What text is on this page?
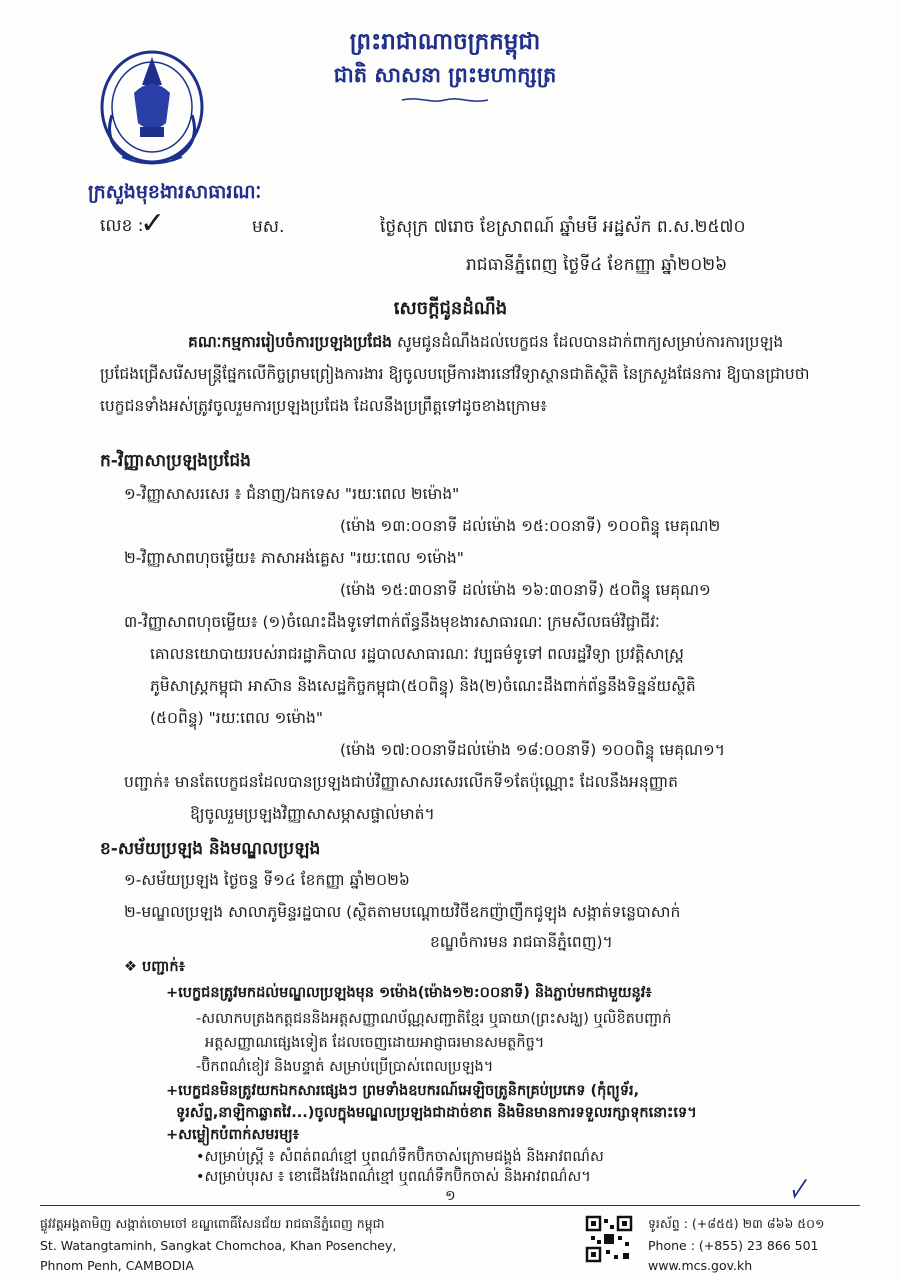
ព្រះរាជាណាចក្រកម្ពុជា
ជាតិ សាសនា ព្រះមហាក្សត្រ
ក្រសួងមុខងារសាធារណៈ
លេខ :
✓	មស.	ថ្ងៃសុក្រ ៧រោច ខែស្រាពណ៍ ឆ្នាំមមី អដ្ឋស័ក ព.ស.២៥៧០
រាជធានីភ្នំពេញ ថ្ងៃទី៤ ខែកញ្ញា ឆ្នាំ២០២៦
សេចក្តីជូនដំណឹង
គណៈកម្មការរៀបចំការប្រឡងប្រជែង សូមជូនដំណឹងដល់បេក្ខជន ដែលបានដាក់ពាក្យសម្រាប់ការការប្រឡងប្រជែងជ្រើសរើសមន្ត្រីផ្នែកលើកិច្ចព្រមព្រៀងការងារ ឱ្យចូលបម្រើការងារនៅវិទ្យាស្ថានជាតិស្ថិតិ នៃក្រសួងផែនការ ឱ្យបានជ្រាបថា បេក្ខជនទាំងអស់ត្រូវចូលរួមការប្រឡងប្រជែង ដែលនឹងប្រព្រឹត្តទៅដូចខាងក្រោម៖
ក-វិញ្ញាសាប្រឡងប្រជែង
១-វិញ្ញាសាសរសេរ ៖ ជំនាញ/ឯកទេស "រយៈពេល ២ម៉ោង"
(ម៉ោង ១៣:០០នាទី ដល់ម៉ោង ១៥:០០នាទី) ១០០ពិន្ទុ មេគុណ២
២-វិញ្ញាសាពហុចម្លើយ៖ ភាសាអង់គ្លេស "រយៈពេល ១ម៉ោង"
(ម៉ោង ១៥:៣០នាទី ដល់ម៉ោង ១៦:៣០នាទី) ៥០ពិន្ទុ មេគុណ១
៣-វិញ្ញាសាពហុចម្លើយ៖ (១)ចំណេះដឹងទូទៅពាក់ព័ន្ធនឹងមុខងារសាធារណៈ ក្រមសីលធម៌វិជ្ជាជីវៈ
គោលនយោបាយរបស់រាជរដ្ឋាភិបាល រដ្ឋបាលសាធារណៈ វប្បធម៌ទូទៅ ពលរដ្ឋវិទ្យា ប្រវត្តិសាស្ត្រ
ភូមិសាស្ត្រកម្ពុជា អាស៊ាន និងសេដ្ឋកិច្ចកម្ពុជា(៥០ពិន្ទុ) និង(២)ចំណេះដឹងពាក់ព័ន្ធនឹងទិន្នន័យស្ថិតិ
(៥០ពិន្ទុ) "រយៈពេល ១ម៉ោង"
(ម៉ោង ១៧:០០នាទីដល់ម៉ោង ១៨:០០នាទី) ១០០ពិន្ទុ មេគុណ១។
បញ្ជាក់៖ មានតែបេក្ខជនដែលបានប្រឡងជាប់វិញ្ញាសាសរសេរលើកទី១តែប៉ុណ្ណោះ ដែលនឹងអនុញ្ញាត
ឱ្យចូលរួមប្រឡងវិញ្ញាសាសម្ភាសផ្ទាល់មាត់។
ខ-សម័យប្រឡង និងមណ្ឌលប្រឡង
១-សម័យប្រឡង ថ្ងៃចន្ទ ទី១៤ ខែកញ្ញា ឆ្នាំ២០២៦
២-មណ្ឌលប្រឡង សាលាភូមិន្ទរដ្ឋបាល (ស្ថិតតាមបណ្តោយវិថីឧកញ៉ាញឹកជូឡុង សង្កាត់ទន្លេបាសាក់
ខណ្ឌចំការមន រាជធានីភ្នំពេញ)។
❖ បញ្ជាក់៖
+បេក្ខជនត្រូវមកដល់មណ្ឌលប្រឡងមុន ១ម៉ោង(ម៉ោង១២:០០នាទី) និងភ្ជាប់មកជាមួយនូវ៖
-សលាកបត្រងកត្តជននិងអត្តសញ្ញាណប័ណ្ណសញ្ជាតិខ្មែរ ឬធាយា(ព្រះសង្ឃ) ឬលិខិតបញ្ជាក់
អត្តសញ្ញាណផ្សេងទៀត ដែលចេញដោយអាជ្ញាធរមានសមត្ថកិច្ច។
-ប៊ិកពណ៌ខៀវ និងបន្ទាត់ សម្រាប់ប្រើប្រាស់ពេលប្រឡង។
+បេក្ខជនមិនត្រូវយកឯកសារផ្សេងៗ ព្រមទាំងឧបករណ៍អេឡិចត្រូនិកគ្រប់ប្រភេទ (កុំព្យូទ័រ,
ទូរស័ព្ទ,នាឡិកាឆ្លាតវៃ...)ចូលក្នុងមណ្ឌលប្រឡងជាដាច់ខាត និងមិនមានការទទួលរក្សាទុកនោះទេ។
១
ផ្លូវវត្តអង្គតាមិញ សង្កាត់ចោមចៅ ខណ្ឌពោធិ៍សែនជ័យ រាជធានីភ្នំពេញ កម្ពុជា
St. Watangtaminh, Sangkat Chomchoa, Khan Posenchey,
Phnom Penh, CAMBODIA
ទូរស័ព្ទ : (+៨៥៥) ២៣ ៨៦៦ ៥០១
Phone : (+855) 23 866 501
www.mcs.gov.kh
+សម្លៀកបំពាក់សមរម្យ៖
•សម្រាប់ស្ត្រី ៖ សំពត់ពណ៌ខ្មៅ ឬពណ៌ទឹកប៊ិកចាស់ក្រោមជង្គង់ និងអាវពណ៌ស
•សម្រាប់បុរស ៖ ខោជើងវែងពណ៌ខ្មៅ ឬពណ៌ទឹកប៊ិកចាស់ និងអាវពណ៌ស។	ꤶ
